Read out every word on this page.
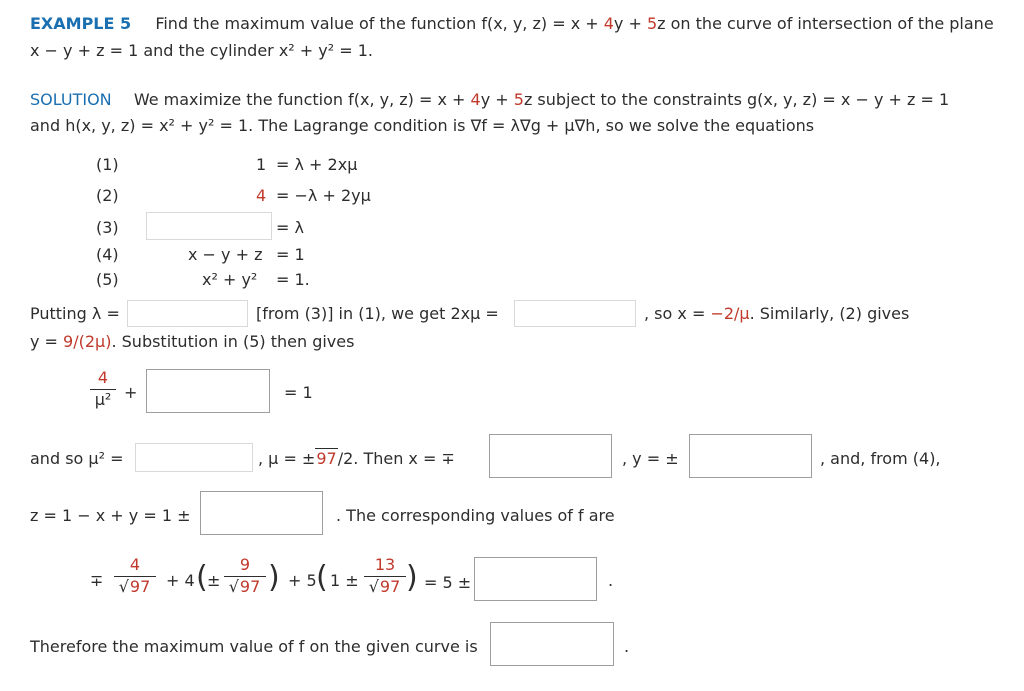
EXAMPLE 5 Find the maximum value of the function f(x, y, z) = x + 4y + 5z on the curve of intersection of the plane
x − y + z = 1 and the cylinder x² + y² = 1.
SOLUTION We maximize the function f(x, y, z) = x + 4y + 5z subject to the constraints g(x, y, z) = x − y + z = 1
and h(x, y, z) = x² + y² = 1. The Lagrange condition is ∇f = λ∇g + μ∇h, so we solve the equations
(1)	1 = λ + 2xμ
(2)	4 = −λ + 2yμ
(3)	= λ
(4)	x − y + z = 1
(5)	x² + y² = 1.
Putting λ =	[from (3)] in (1), we get 2xμ =	, so x = −2/μ. Similarly, (2) gives
y = 9/(2μ). Substitution in (5) then gives
4
μ² +	= 1
and so μ² =	, μ = ±97/2. Then x = ∓	, y = ±	, and, from (4),
z = 1 − x + y = 1 ±	. The corresponding values of f are
∓
4
√97 + 4 ( ±
9
√97 ) + 5 ( 1 ±
13
√97 ) = 5 ±	.
Therefore the maximum value of f on the given curve is	.
